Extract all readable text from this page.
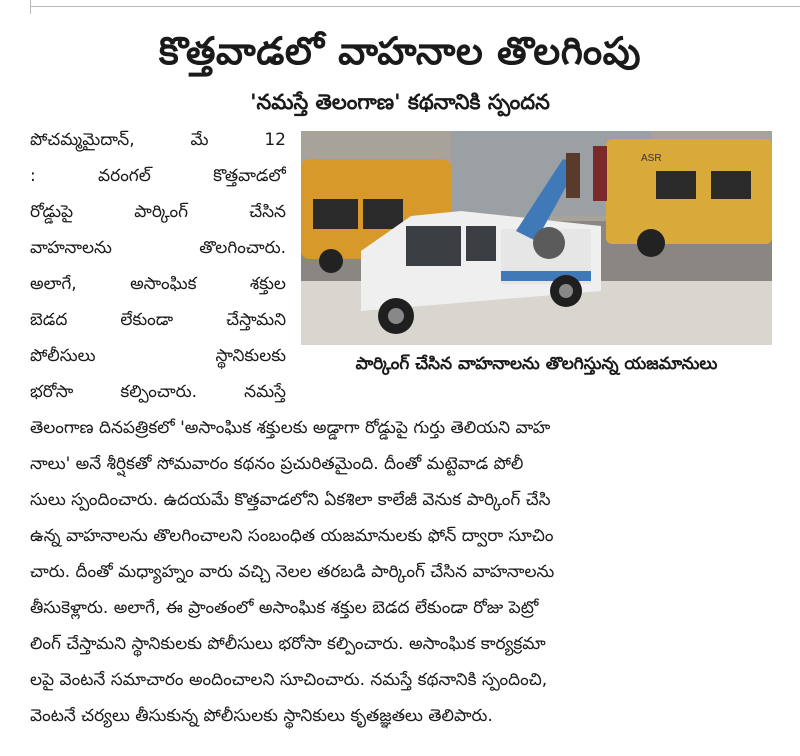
కొత్తవాడలో వాహనాల తొలగింపు
'నమస్తే తెలంగాణ' కథనానికి స్పందన
పోచమ్మమైదాన్, మే 12
: వరంగల్ కొత్తవాడలో
రోడ్డుపై పార్కింగ్ చేసిన
వాహనాలను తొలగించారు.
అలాగే, అసాంఘిక శక్తుల
బెడద లేకుండా చేస్తామని
పోలీసులు స్థానికులకు
భరోసా కల్పించారు. నమస్తే
ASR
పార్కింగ్ చేసిన వాహనాలను తొలగిస్తున్న యజమానులు
తెలంగాణ దినపత్రికలో 'అసాంఘిక శక్తులకు అడ్డాగా రోడ్డుపై గుర్తు తెలియని వాహ
నాలు' అనే శీర్షికతో సోమవారం కథనం ప్రచురితమైంది. దీంతో మట్టెవాడ పోలీ
సులు స్పందించారు. ఉదయమే కొత్తవాడలోని ఏకశిలా కాలేజీ వెనుక పార్కింగ్ చేసి
ఉన్న వాహనాలను తొలగించాలని సంబంధిత యజమానులకు ఫోన్ ద్వారా సూచిం
చారు. దీంతో మధ్యాహ్నం వారు వచ్చి నెలల తరబడి పార్కింగ్ చేసిన వాహనాలను
తీసుకెళ్లారు. అలాగే, ఈ ప్రాంతంలో అసాంఘిక శక్తుల బెడద లేకుండా రోజు పెట్రో
లింగ్ చేస్తామని స్థానికులకు పోలీసులు భరోసా కల్పించారు. అసాంఘిక కార్యక్రమా
లపై వెంటనే సమాచారం అందించాలని సూచించారు. నమస్తే కథనానికి స్పందించి,
వెంటనే చర్యలు తీసుకున్న పోలీసులకు స్థానికులు కృతజ్ఞతలు తెలిపారు.
